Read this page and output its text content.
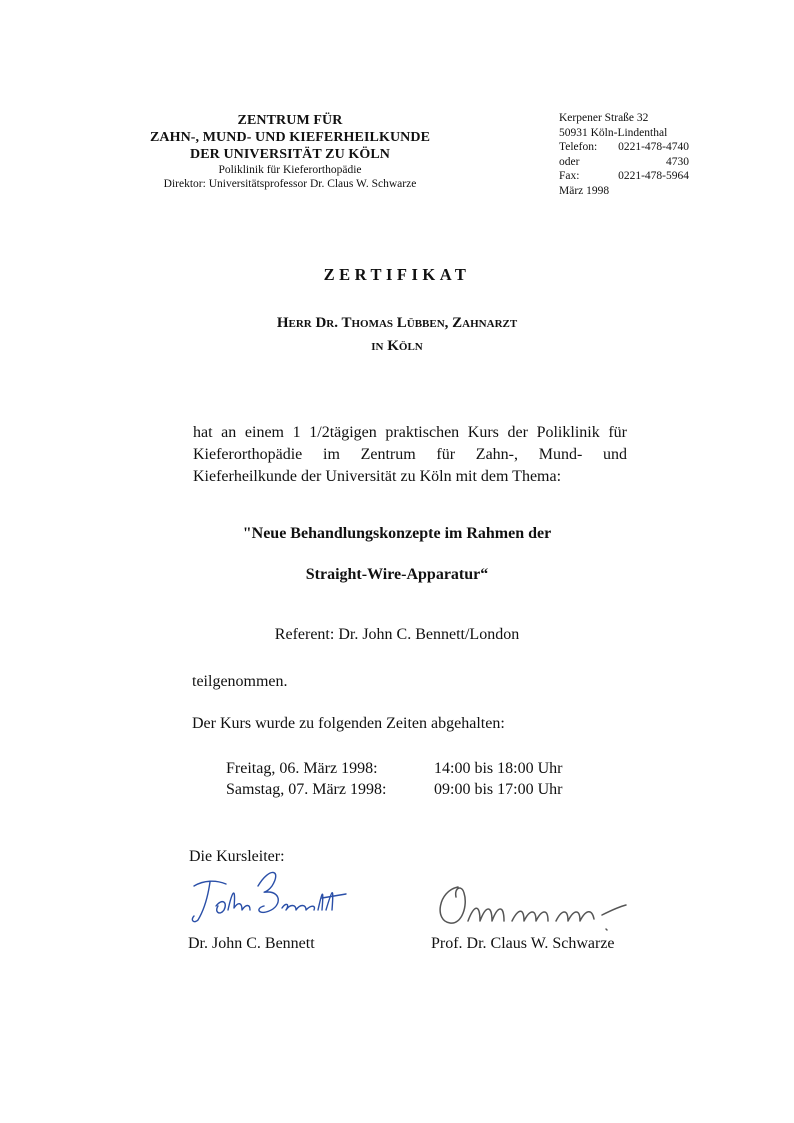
ZENTRUM FÜR
ZAHN-, MUND- UND KIEFERHEILKUNDE
DER UNIVERSITÄT ZU KÖLN
Poliklinik für Kieferorthopädie
Direktor: Universitätsprofessor Dr. Claus W. Schwarze
Kerpener Straße 32
50931 Köln-Lindenthal
Telefon: 0221-478-4740
oder	4730
Fax:	0221-478-5964
März 1998
ZERTIFIKAT
Herr Dr. Thomas Lübben, Zahnarzt
in Köln
hat an einem 1 1/2tägigen praktischen Kurs der Poliklinik für Kieferorthopädie im Zentrum für Zahn-, Mund- und Kieferheilkunde der Universität zu Köln mit dem Thema:
"Neue Behandlungskonzepte im Rahmen der
Straight-Wire-Apparatur“
Referent: Dr. John C. Bennett/London
teilgenommen.
Der Kurs wurde zu folgenden Zeiten abgehalten:
Freitag, 06. März 1998:	14:00 bis 18:00 Uhr
Samstag, 07. März 1998:	09:00 bis 17:00 Uhr
Die Kursleiter:
Dr. John C. Bennett	Prof. Dr. Claus W. Schwarze
